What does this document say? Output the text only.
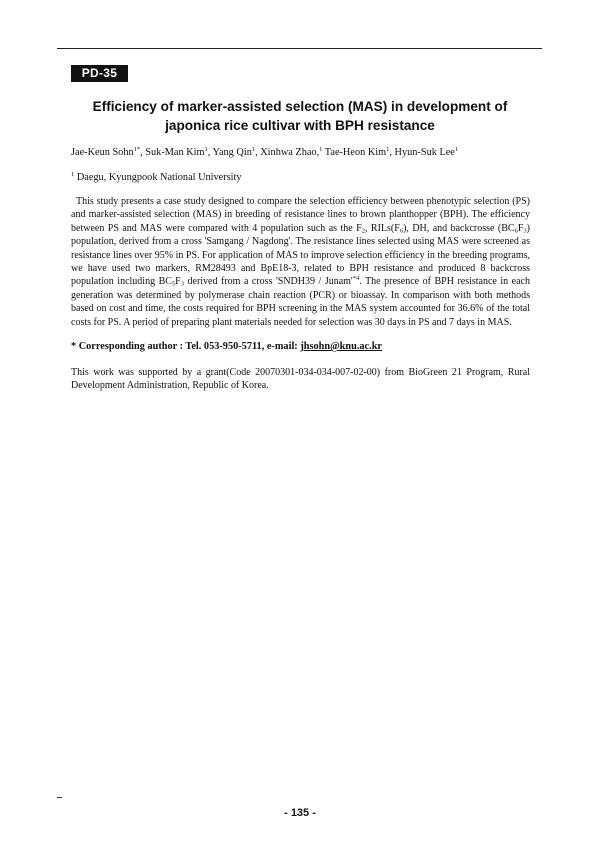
PD-35
Efficiency of marker-assisted selection (MAS) in development of
japonica rice cultivar with BPH resistance
Jae-Keun Sohn$^{1*}$, Suk-Man Kim$^1$, Yang Qin$^1$, Xinhwa Zhao,$^1$ Tae-Heon Kim$^1$, Hyun-Suk Lee$^1$
$^1$ Daegu, Kyungpook National University
This study presents a case study designed to compare the selection efficiency between phenotypic selection (PS) and marker-assisted selection (MAS) in breeding of resistance lines to brown planthopper (BPH). The efficiency between PS and MAS were compared with 4 population such as the $F_2$, $RILs(F_6)$, DH, and backcrosse $(BC_6F_3)$ population, derived from a cross 'Samgang / Nagdong'. The resistance lines selected using MAS were screened as resistance lines over 95% in PS. For application of MAS to improve selection efficiency in the breeding programs, we have used two markers, RM28493 and BpE18-3, related to BPH resistance and produced 8 backcross population including $BC_5F_3$ derived from a cross 'SNDH39 / $Junam'^{*4}$. The presence of BPH resistance in each generation was determined by polymerase chain reaction (PCR) or bioassay. In comparison with both methods based on cost and time, the costs required for BPH screening in the MAS system accounted for 36.6% of the total costs for PS. A period of preparing plant materials needed for selection was 30 days in PS and 7 days in MAS.
* Corresponding author : Tel. 053-950-5711, e-mail: jhsohn@knu.ac.kr
This work was supported by a grant(Code 20070301-034-034-007-02-00) from BioGreen 21 Program, Rural Development Administration, Republic of Korea.
- 135 -
